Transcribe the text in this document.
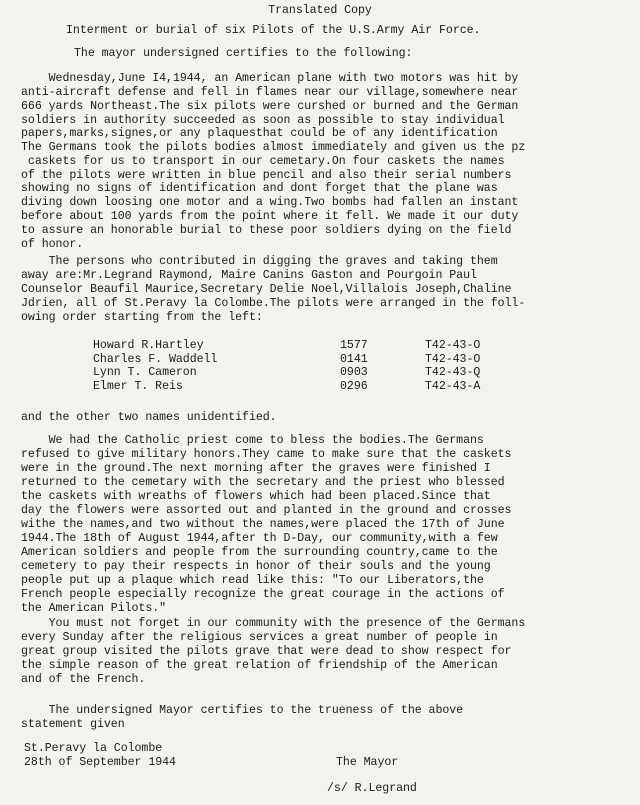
Translated Copy
Interment or burial of six Pilots of the U.S.Army Air Force.
The mayor undersigned certifies to the following:
Wednesday,June I4,1944, an American plane with two motors was hit by
anti-aircraft defense and fell in flames near our village,somewhere near
666 yards Northeast.The six pilots were curshed or burned and the German
soldiers in authority succeeded as soon as possible to stay individual
papers,marks,signes,or any plaquesthat could be of any identification
The Germans took the pilots bodies almost immediately and given us the pz
caskets for us to transport in our cemetary.On four caskets the names
of the pilots were written in blue pencil and also their serial numbers
showing no signs of identification and dont forget that the plane was
diving down loosing one motor and a wing.Two bombs had fallen an instant
before about 100 yards from the point where it fell. We made it our duty
to assure an honorable burial to these poor soldiers dying on the field
of honor.
The persons who contributed in digging the graves and taking them
away are:Mr.Legrand Raymond, Maire Canins Gaston and Pourgoin Paul
Counselor Beaufil Maurice,Secretary Delie Noel,Villalois Joseph,Chaline
Jdrien, all of St.Peravy la Colombe.The pilots were arranged in the foll-
owing order starting from the left:
Howard R.Hartley	1577	T42-43-O
Charles F. Waddell	0141	T42-43-O
Lynn T. Cameron	0903	T42-43-Q
Elmer T. Reis	0296	T42-43-A
and the other two names unidentified.
We had the Catholic priest come to bless the bodies.The Germans
refused to give military honors.They came to make sure that the caskets
were in the ground.The next morning after the graves were finished I
returned to the cemetary with the secretary and the priest who blessed
the caskets with wreaths of flowers which had been placed.Since that
day the flowers were assorted out and planted in the ground and crosses
withe the names,and two without the names,were placed the 17th of June
1944.The 18th of August 1944,after th D-Day, our community,with a few
American soldiers and people from the surrounding country,came to the
cemetery to pay their respects in honor of their souls and the young
people put up a plaque which read like this: "To our Liberators,the
French people especially recognize the great courage in the actions of
the American Pilots."
You must not forget in our community with the presence of the Germans
every Sunday after the religious services a great number of people in
great group visited the pilots grave that were dead to show respect for
the simple reason of the great relation of friendship of the American
and of the French.
The undersigned Mayor certifies to the trueness of the above
statement given
St.Peravy la Colombe
28th of September 1944	The Mayor
/s/ R.Legrand
